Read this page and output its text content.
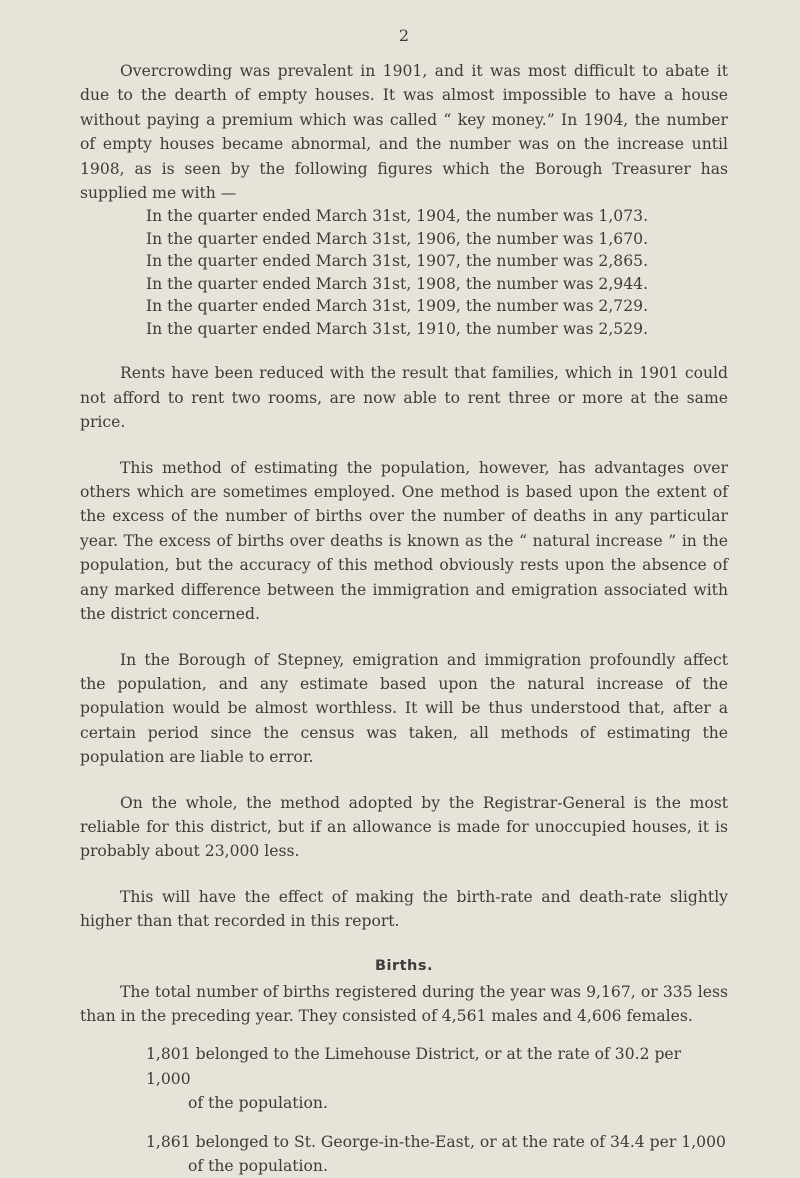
2

Overcrowding was prevalent in 1901, and it was most difficult to abate it due to the dearth of empty houses. It was almost impossible to have a house without paying a premium which was called “ key money.” In 1904, the number of empty houses became abnormal, and the number was on the increase until 1908, as is seen by the following figures which the Borough Treasurer has supplied me with —

In the quarter ended March 31st, 1904, the number was 1,073.
In the quarter ended March 31st, 1906, the number was 1,670.
In the quarter ended March 31st, 1907, the number was 2,865.
In the quarter ended March 31st, 1908, the number was 2,944.
In the quarter ended March 31st, 1909, the number was 2,729.
In the quarter ended March 31st, 1910, the number was 2,529.

Rents have been reduced with the result that families, which in 1901 could not afford to rent two rooms, are now able to rent three or more at the same price.

This method of estimating the population, however, has advantages over others which are sometimes employed. One method is based upon the extent of the excess of the number of births over the number of deaths in any particular year. The excess of births over deaths is known as the “ natural increase ” in the population, but the accuracy of this method obviously rests upon the absence of any marked difference between the immigration and emigration associated with the district concerned.

In the Borough of Stepney, emigration and immigration profoundly affect the population, and any estimate based upon the natural increase of the population would be almost worthless. It will be thus understood that, after a certain period since the census was taken, all methods of estimating the population are liable to error.

On the whole, the method adopted by the Registrar-General is the most reliable for this district, but if an allowance is made for unoccupied houses, it is probably about 23,000 less.

This will have the effect of making the birth-rate and death-rate slightly higher than that recorded in this report.

Births.

The total number of births registered during the year was 9,167, or 335 less than in the preceding year. They consisted of 4,561 males and 4,606 females.

1,801 belonged to the Limehouse District, or at the rate of 30.2 per 1,000
of the population.
1,861 belonged to St. George-in-the-East, or at the rate of 34.4 per 1,000
of the population.
